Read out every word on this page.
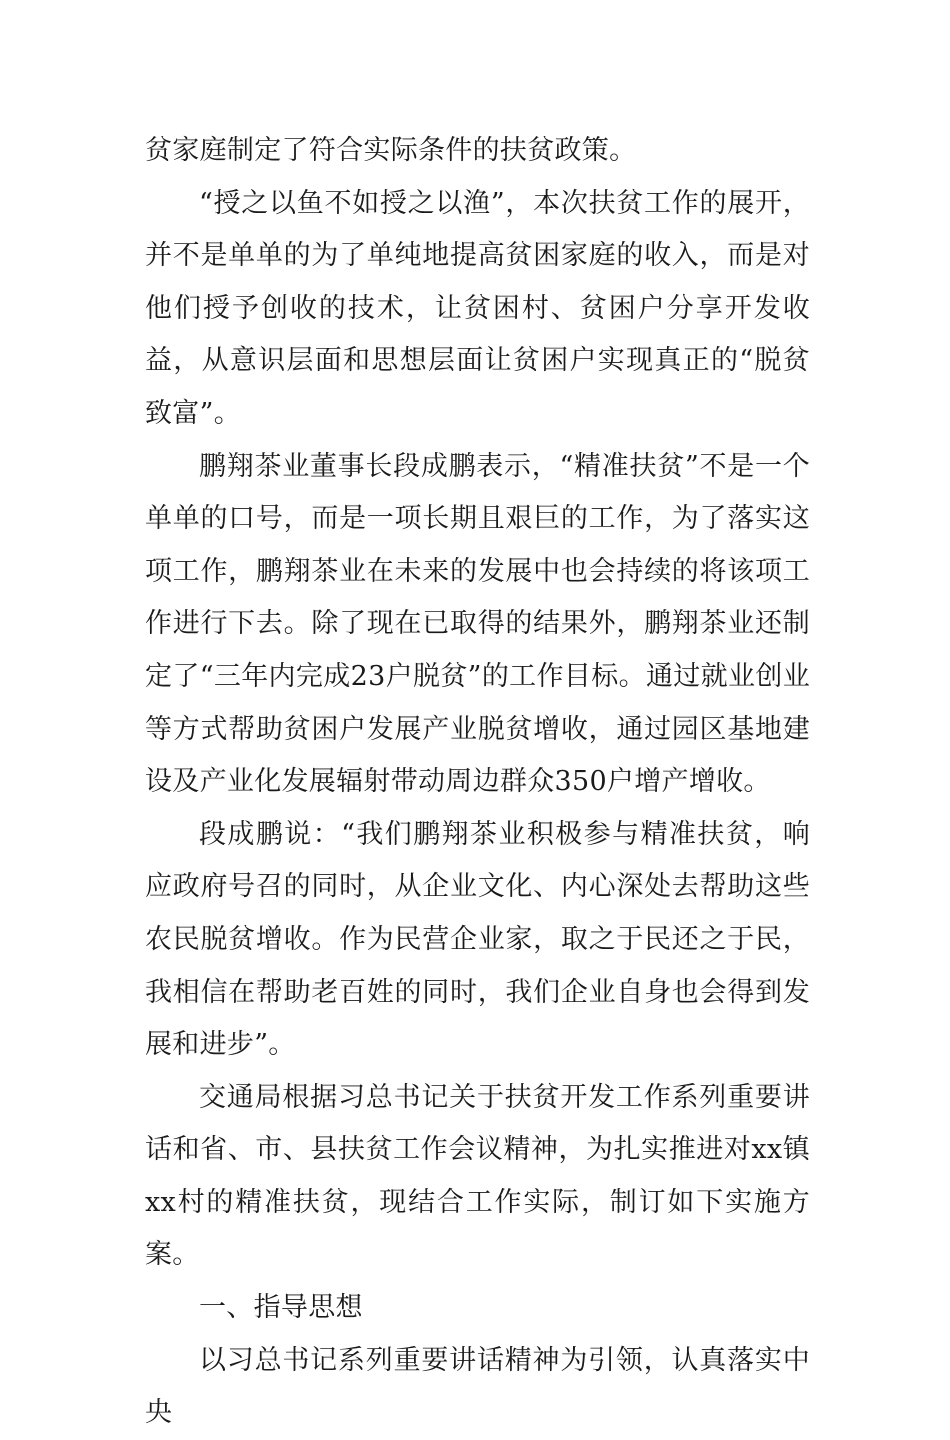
贫家庭制定了符合实际条件的扶贫政策。

“授之以鱼不如授之以渔”，本次扶贫工作的展开，并不是单单的为了单纯地提高贫困家庭的收入，而是对他们授予创收的技术，让贫困村、贫困户分享开发收益，从意识层面和思想层面让贫困户实现真正的“脱贫致富”。

鹏翔茶业董事长段成鹏表示，“精准扶贫”不是一个单单的口号，而是一项长期且艰巨的工作，为了落实这项工作，鹏翔茶业在未来的发展中也会持续的将该项工作进行下去。除了现在已取得的结果外，鹏翔茶业还制定了“三年内完成23户脱贫”的工作目标。通过就业创业等方式帮助贫困户发展产业脱贫增收，通过园区基地建设及产业化发展辐射带动周边群众350户增产增收。

段成鹏说：“我们鹏翔茶业积极参与精准扶贫，响应政府号召的同时，从企业文化、内心深处去帮助这些农民脱贫增收。作为民营企业家，取之于民还之于民，我相信在帮助老百姓的同时，我们企业自身也会得到发展和进步”。

交通局根据习总书记关于扶贫开发工作系列重要讲话和省、市、县扶贫工作会议精神，为扎实推进对xx镇xx村的精准扶贫，现结合工作实际，制订如下实施方案。

一、指导思想

以习总书记系列重要讲话精神为引领，认真落实中央
